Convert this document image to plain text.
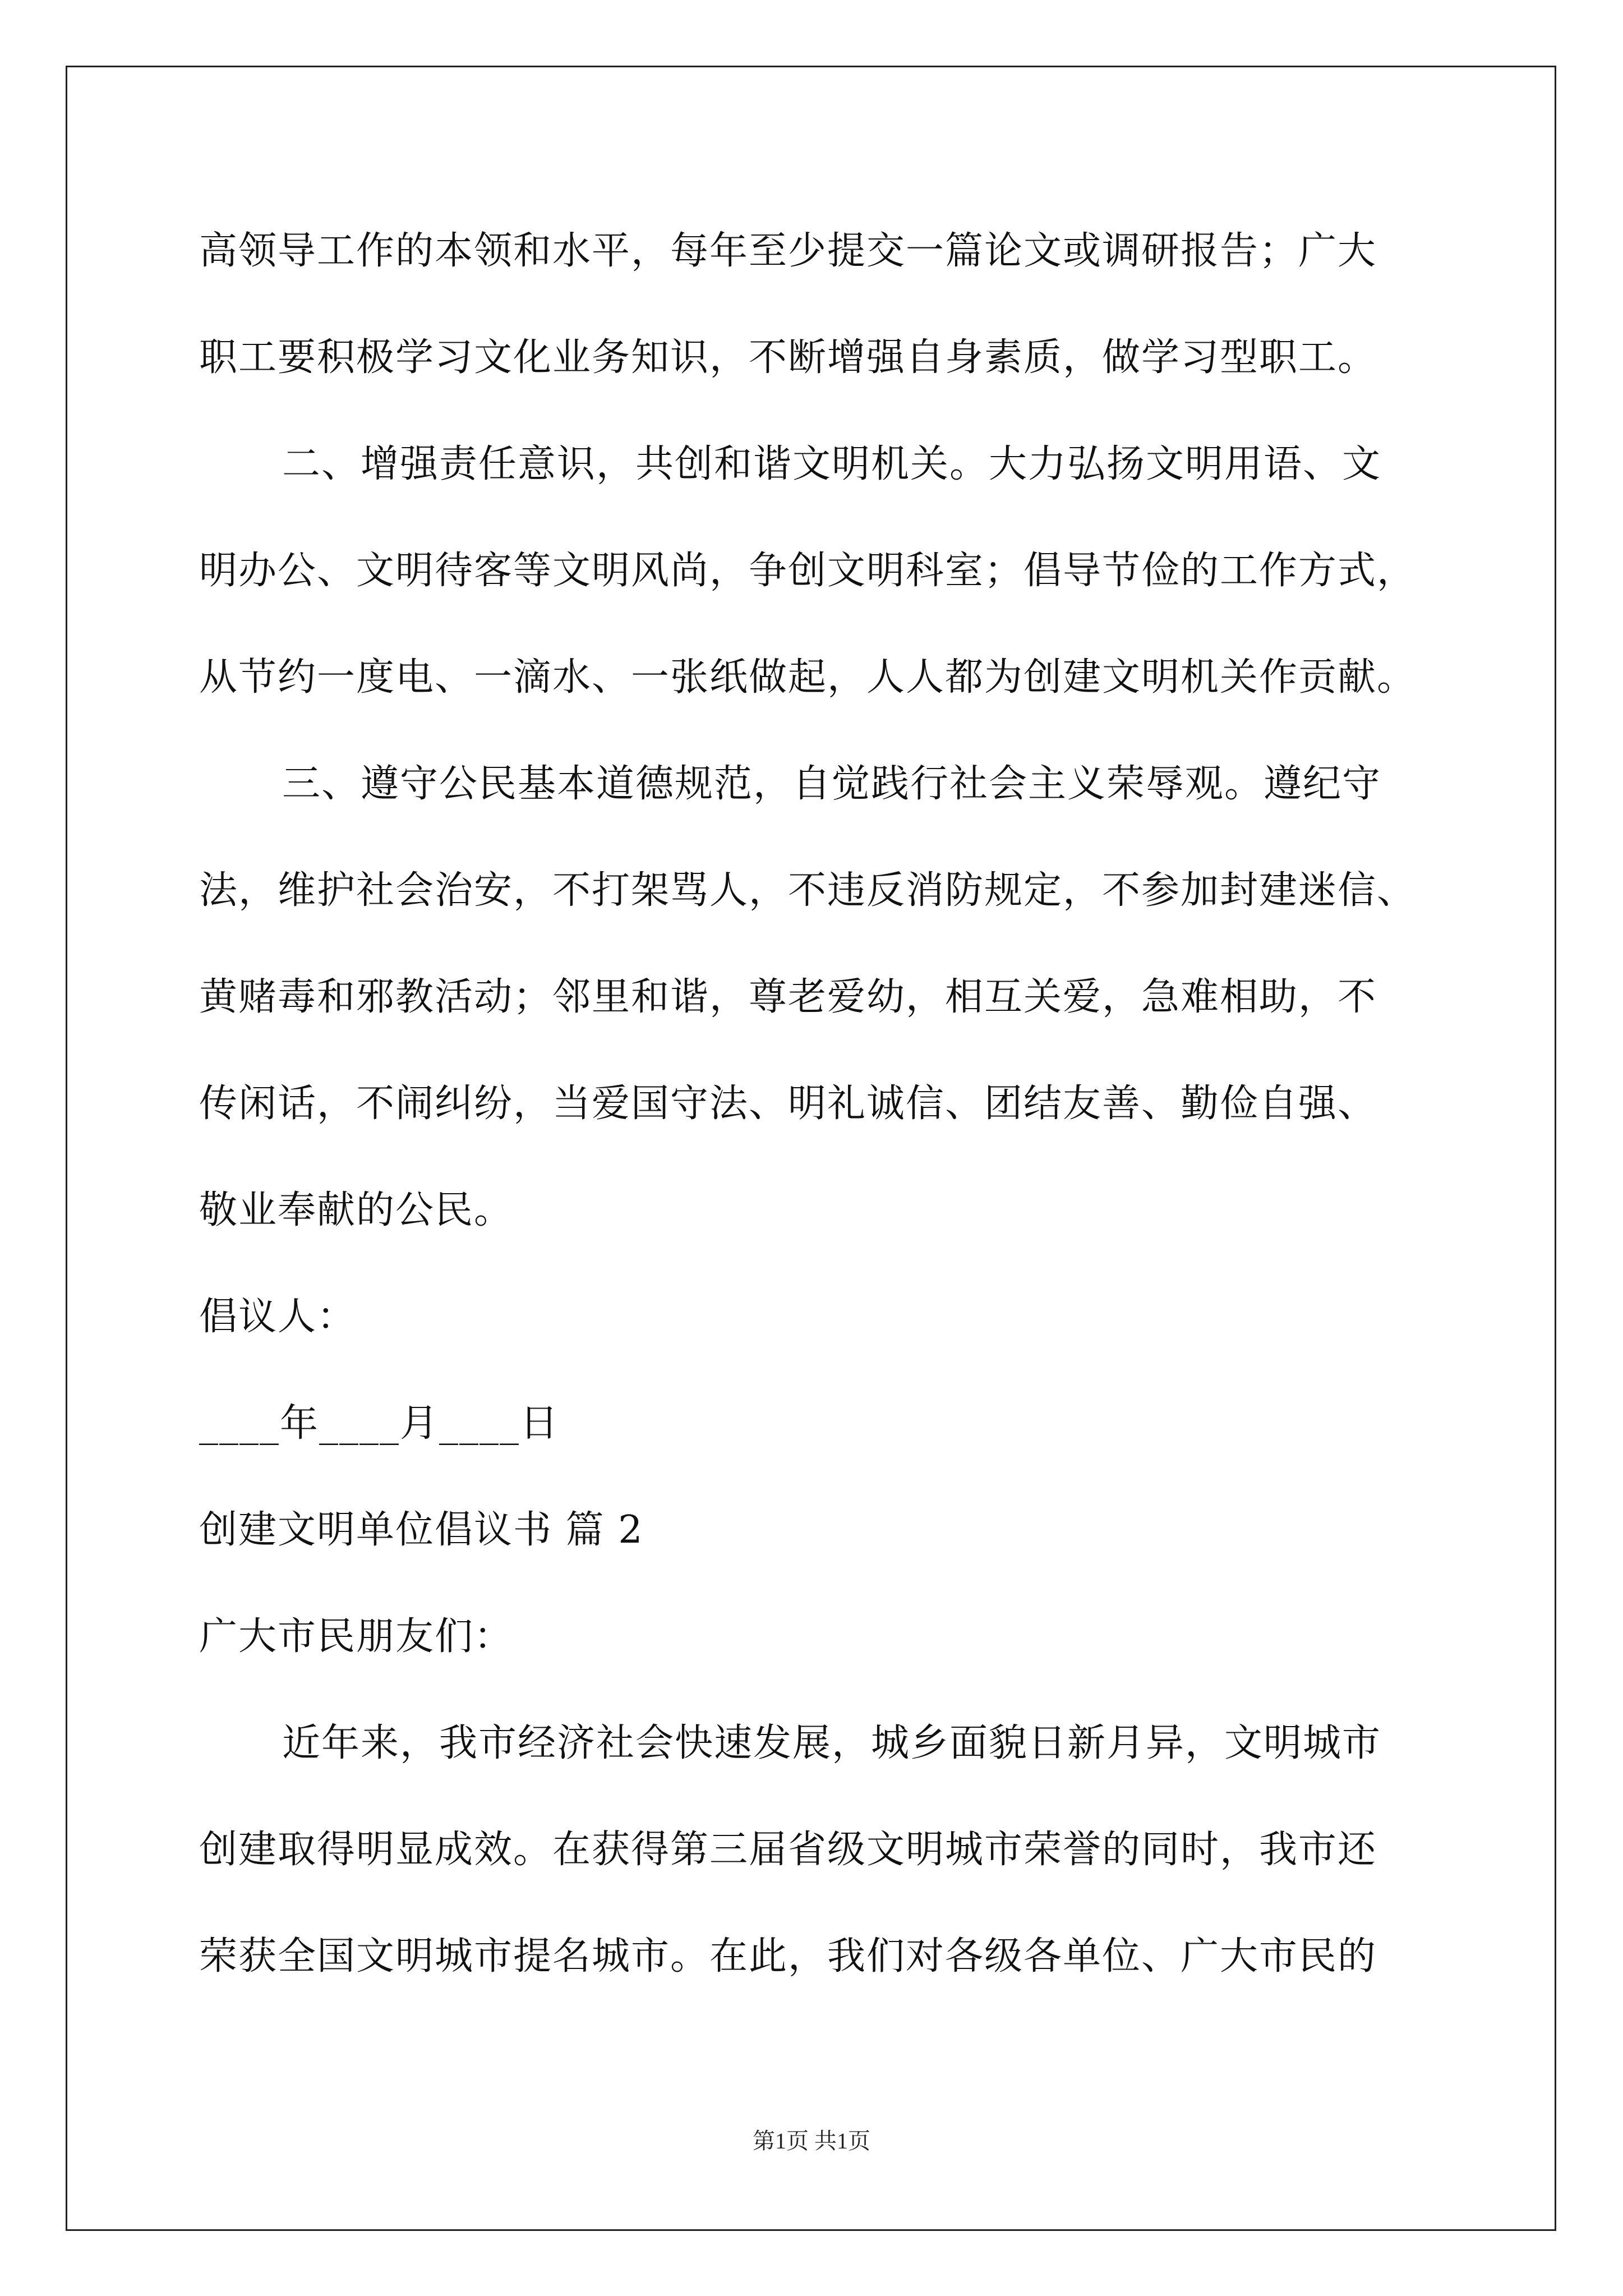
高领导工作的本领和水平，每年至少提交一篇论文或调研报告；广大
职工要积极学习文化业务知识，不断增强自身素质，做学习型职工。
二、增强责任意识，共创和谐文明机关。大力弘扬文明用语、文
明办公、文明待客等文明风尚，争创文明科室；倡导节俭的工作方式，
从节约一度电、一滴水、一张纸做起，人人都为创建文明机关作贡献。
三、遵守公民基本道德规范，自觉践行社会主义荣辱观。遵纪守
法，维护社会治安，不打架骂人，不违反消防规定，不参加封建迷信、
黄赌毒和邪教活动；邻里和谐，尊老爱幼，相互关爱，急难相助，不
传闲话，不闹纠纷，当爱国守法、明礼诚信、团结友善、勤俭自强、
敬业奉献的公民。
倡议人：
____年____月____日
创建文明单位倡议书 篇 2
广大市民朋友们：
近年来，我市经济社会快速发展，城乡面貌日新月异，文明城市
创建取得明显成效。在获得第三届省级文明城市荣誉的同时，我市还
荣获全国文明城市提名城市。在此，我们对各级各单位、广大市民的
第1页 共1页
